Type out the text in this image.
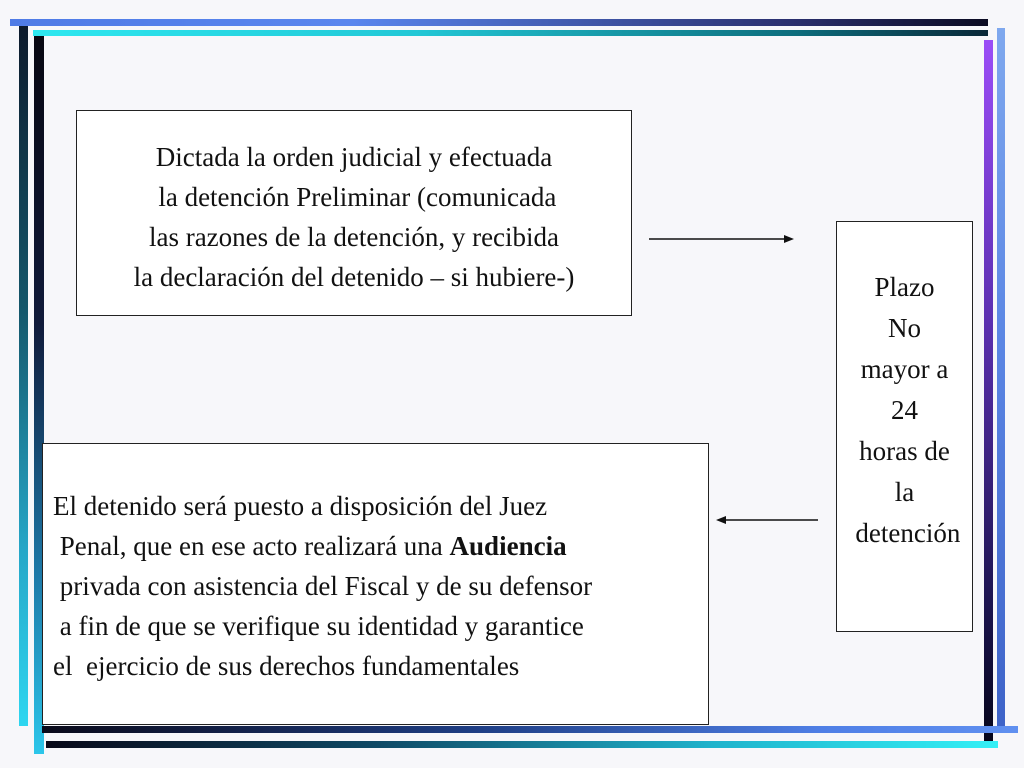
Dictada la orden judicial y efectuada
la detención Preliminar (comunicada
las razones de la detención, y recibida
la declaración del detenido – si hubiere-)	Plazo
No
mayor a
24
horas de
la
detención
El detenido será puesto a disposición del Juez
Penal, que en ese acto realizará una Audiencia
privada con asistencia del Fiscal y de su defensor
a fin de que se verifique su identidad y garantice
el  ejercicio de sus derechos fundamentales
